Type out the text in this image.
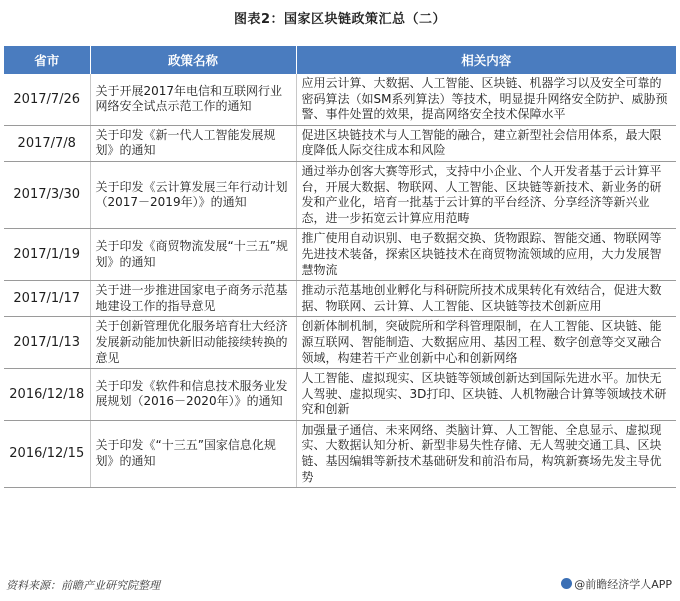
图表2：国家区块链政策汇总（二）
省市	政策名称	相关内容
2017/7/26	关于开展2017年电信和互联网行业网络安全试点示范工作的通知	应用云计算、大数据、人工智能、区块链、机器学习以及安全可靠的密码算法（如SM系列算法）等技术，明显提升网络安全防护、威胁预警、事件处置的效果，提高网络安全技术保障水平
2017/7/8	关于印发《新一代人工智能发展规划》的通知	促进区块链技术与人工智能的融合，建立新型社会信用体系，最大限度降低人际交往成本和风险
2017/3/30	关于印发《云计算发展三年行动计划（2017－2019年）》的通知	通过举办创客大赛等形式，支持中小企业、个人开发者基于云计算平台，开展大数据、物联网、人工智能、区块链等新技术、新业务的研发和产业化，培育一批基于云计算的平台经济、分享经济等新兴业态，进一步拓宽云计算应用范畴
2017/1/19	关于印发《商贸物流发展“十三五”规划》的通知	推广使用自动识别、电子数据交换、货物跟踪、智能交通、物联网等先进技术装备，探索区块链技术在商贸物流领域的应用，大力发展智慧物流
2017/1/17	关于进一步推进国家电子商务示范基地建设工作的指导意见	推动示范基地创业孵化与科研院所技术成果转化有效结合，促进大数据、物联网、云计算、人工智能、区块链等技术创新应用
2017/1/13	关于创新管理优化服务培育壮大经济发展新动能加快新旧动能接续转换的意见	创新体制机制，突破院所和学科管理限制，在人工智能、区块链、能源互联网、智能制造、大数据应用、基因工程、数字创意等交叉融合领域，构建若干产业创新中心和创新网络
2016/12/18	关于印发《软件和信息技术服务业发展规划（2016－2020年）》的通知	人工智能、虚拟现实、区块链等领域创新达到国际先进水平。加快无人驾驶、虚拟现实、3D打印、区块链、人机物融合计算等领域技术研究和创新
2016/12/15	关于印发《“十三五”国家信息化规划》的通知	加强量子通信、未来网络、类脑计算、人工智能、全息显示、虚拟现实、大数据认知分析、新型非易失性存储、无人驾驶交通工具、区块链、基因编辑等新技术基础研发和前沿布局，构筑新赛场先发主导优势
资料来源：前瞻产业研究院整理	@前瞻经济学人APP
